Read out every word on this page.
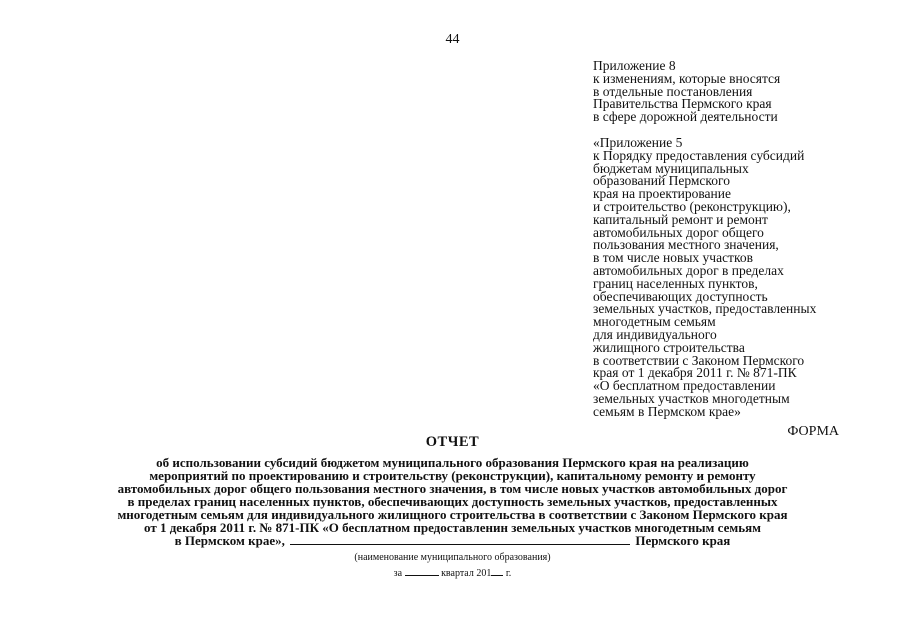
44
Приложение 8
к изменениям, которые вносятся
в отдельные постановления
Правительства Пермского края
в сфере дорожной деятельности
«Приложение 5
к Порядку предоставления субсидий
бюджетам муниципальных
образований Пермского
края на проектирование
и строительство (реконструкцию),
капитальный ремонт и ремонт
автомобильных дорог общего
пользования местного значения,
в том числе новых участков
автомобильных дорог в пределах
границ населенных пунктов,
обеспечивающих доступность
земельных участков, предоставленных
многодетным семьям
для индивидуального
жилищного строительства
в соответствии с Законом Пермского
края от 1 декабря 2011 г. № 871-ПК
«О бесплатном предоставлении
земельных участков многодетным
семьям в Пермском крае»
ФОРМА
ОТЧЕТ
об использовании субсидий бюджетом муниципального образования Пермского края на реализацию
мероприятий по проектированию и строительству (реконструкции), капитальному ремонту и ремонту
автомобильных дорог общего пользования местного значения, в том числе новых участков автомобильных дорог
в пределах границ населенных пунктов, обеспечивающих доступность земельных участков, предоставленных
многодетным семьям для индивидуального жилищного строительства в соответствии с Законом Пермского края
от 1 декабря 2011 г. № 871-ПК «О бесплатном предоставленин земельных участков многодетным семьям
в Пермском крае»,	Пермского края
(наименование муниципального образования)
за	квартал 201 г.
